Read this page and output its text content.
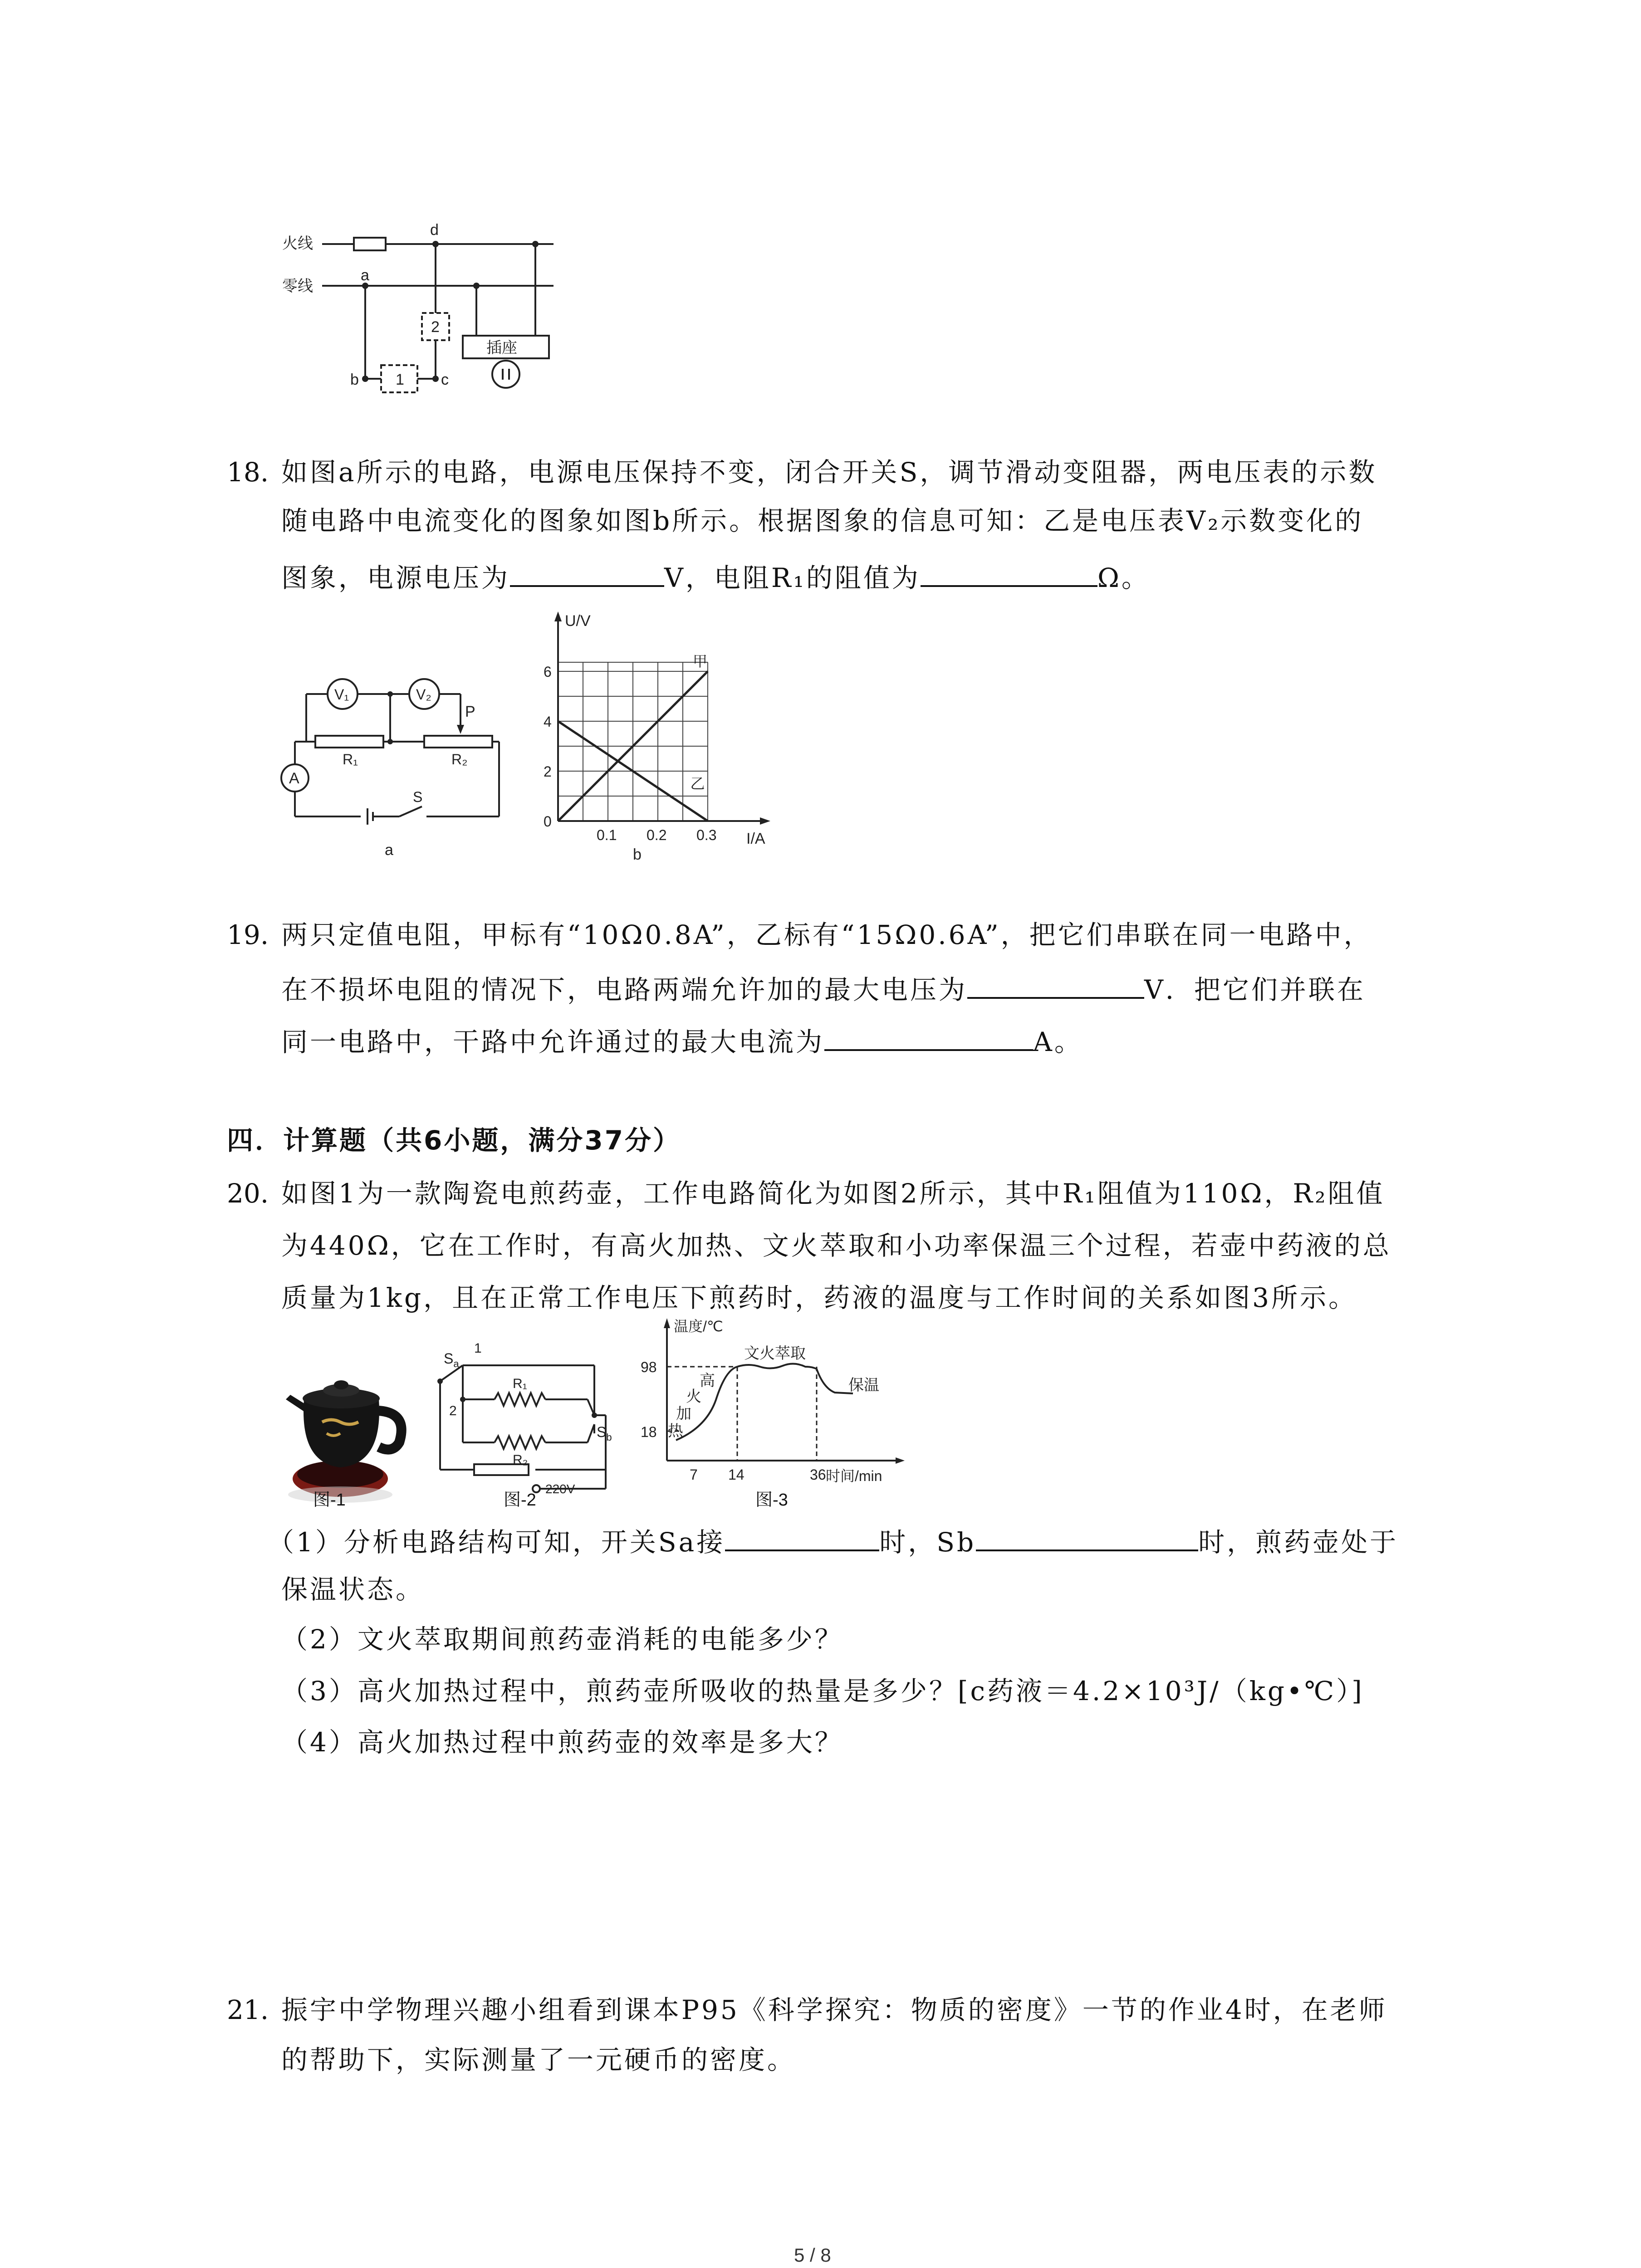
火线
零线
a
d
b	c
1
2
插座
18. 如图a所示的电路，电源电压保持不变，闭合开关S，调节滑动变阻器，两电压表的示数
随电路中电流变化的图象如图b所示。根据图象的信息可知：乙是电压表V₂示数变化的
图象，电源电压为	V，电阻R₁的阻值为	Ω。
V₁	V₂
P
R₁	R₂
A
S
a
甲
乙
0
2
4
6
0.1 0.2 0.3
U/V
I/A
b
19. 两只定值电阻，甲标有“10Ω0.8A”，乙标有“15Ω0.6A”，把它们串联在同一电路中，
在不损坏电阻的情况下，电路两端允许加的最大电压为	V．把它们并联在
同一电路中，干路中允许通过的最大电流为	A。
四．计算题（共6小题，满分37分）
20. 如图1为一款陶瓷电煎药壶，工作电路简化为如图2所示，其中R₁阻值为110Ω，R₂阻值
为440Ω，它在工作时，有高火加热、文火萃取和小功率保温三个过程，若壶中药液的总
质量为1kg，且在正常工作电压下煎药时，药液的温度与工作时间的关系如图3所示。
图-1
$S_a$
$S_b$
1
2
R₁
R₂
220V
图-2
温度/℃
时间/min
98
18
7 14	36
高
火
加
热
文火萃取
保温
图-3
（1）分析电路结构可知，开关Sa接	时，Sb	时，煎药壶处于
保温状态。
（2）文火萃取期间煎药壶消耗的电能多少？
（3）高火加热过程中，煎药壶所吸收的热量是多少？[c药液＝4.2×10³J/（kg•℃）]
（4）高火加热过程中煎药壶的效率是多大？
21. 振宇中学物理兴趣小组看到课本P95《科学探究：物质的密度》一节的作业4时，在老师
的帮助下，实际测量了一元硬币的密度。
5 / 8
